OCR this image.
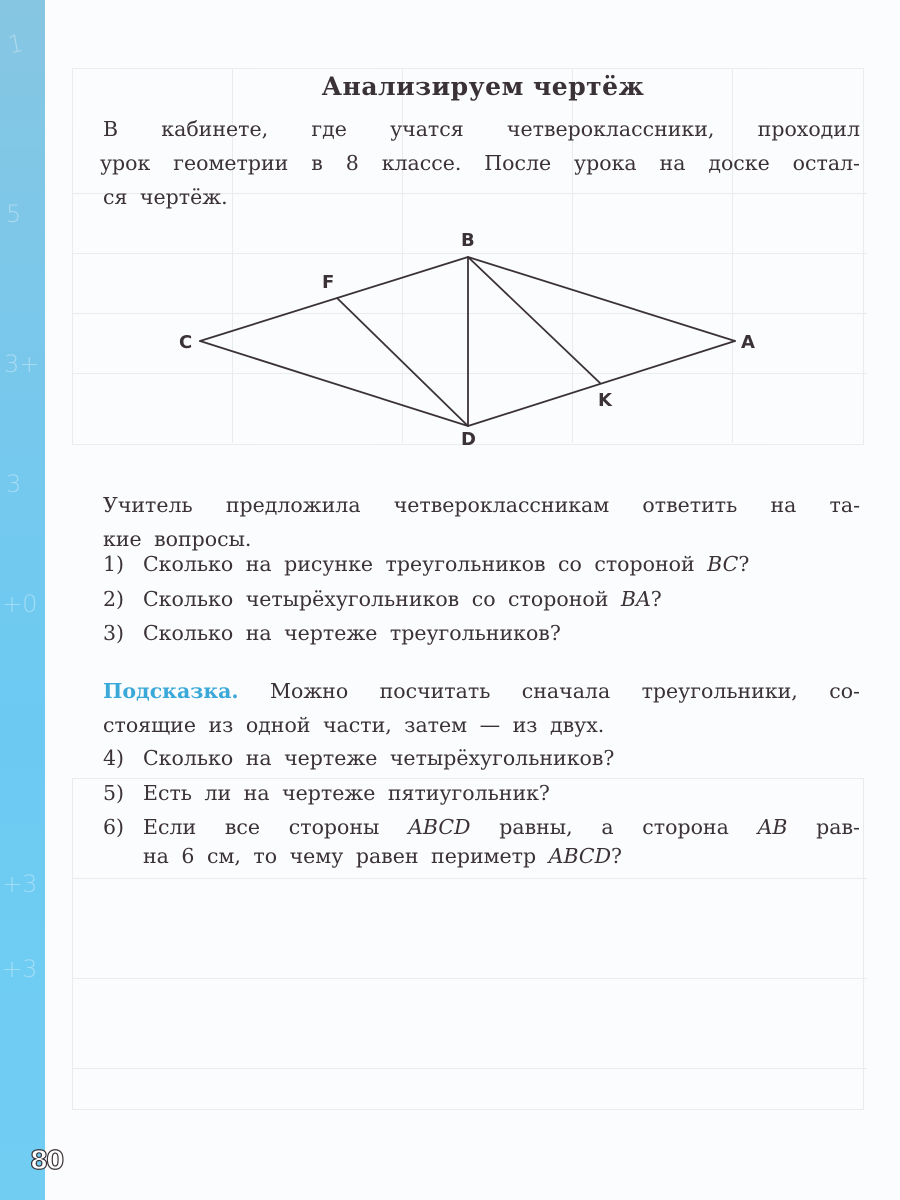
1
5
3+
3
+0
+3
+3
80
B
C	A
D
F
K
Анализируем чертёж
В кабинете, где учатся четвероклассники, проходил
урок геометрии в 8 классе. После урока на доске остал-
ся чертёж.
Учитель предложила четвероклассникам ответить на та-
кие вопросы.
1) Сколько на рисунке треугольников со стороной BC?
2) Сколько четырёхугольников со стороной BA?
3) Сколько на чертеже треугольников?
Подсказка. Можно посчитать сначала треугольники, со-
стоящие из одной части, затем — из двух.
4) Сколько на чертеже четырёхугольников?
5) Есть ли на чертеже пятиугольник?
6) Если все стороны ABCD равны, а сторона AB рав-
на 6 см, то чему равен периметр ABCD?
